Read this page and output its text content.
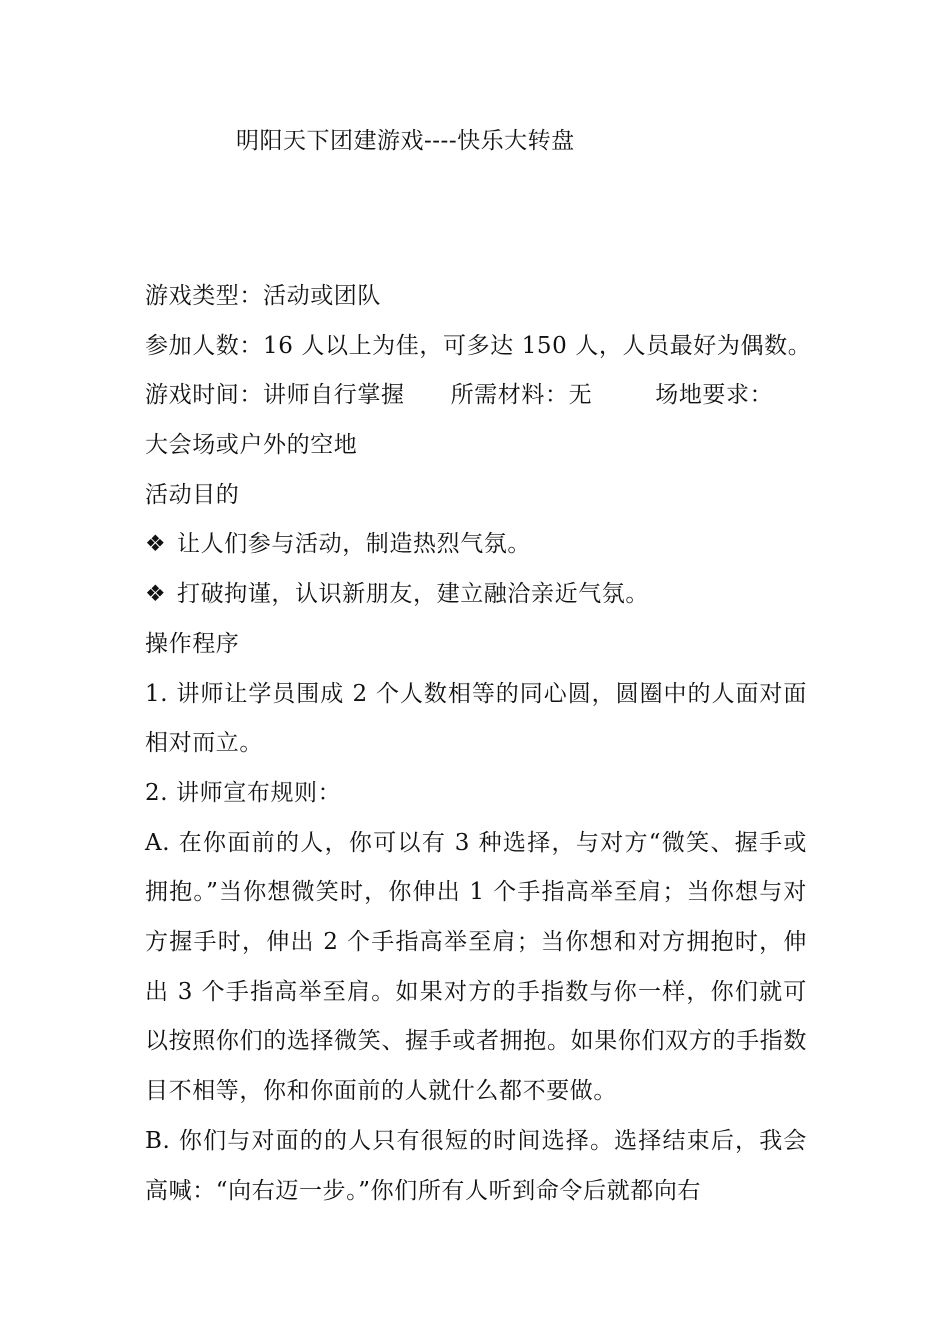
明阳天下团建游戏----快乐大转盘
游戏类型：活动或团队
参加人数：16 人以上为佳，可多达 150 人，人员最好为偶数。
游戏时间：讲师自行掌握 所需材料：无	场地要求：
大会场或户外的空地
活动目的
❖ 让人们参与活动，制造热烈气氛。
❖ 打破拘谨，认识新朋友，建立融洽亲近气氛。
操作程序
1. 讲师让学员围成 2 个人数相等的同心圆，圆圈中的人面对面相对而立。
2. 讲师宣布规则：
A. 在你面前的人，你可以有 3 种选择，与对方“微笑、握手或拥抱。”当你想微笑时，你伸出 1 个手指高举至肩；当你想与对方握手时，伸出 2 个手指高举至肩；当你想和对方拥抱时，伸出 3 个手指高举至肩。如果对方的手指数与你一样，你们就可以按照你们的选择微笑、握手或者拥抱。如果你们双方的手指数目不相等，你和你面前的人就什么都不要做。
B. 你们与对面的的人只有很短的时间选择。选择结束后，我会高喊：“向右迈一步。”你们所有人听到命令后就都向右
